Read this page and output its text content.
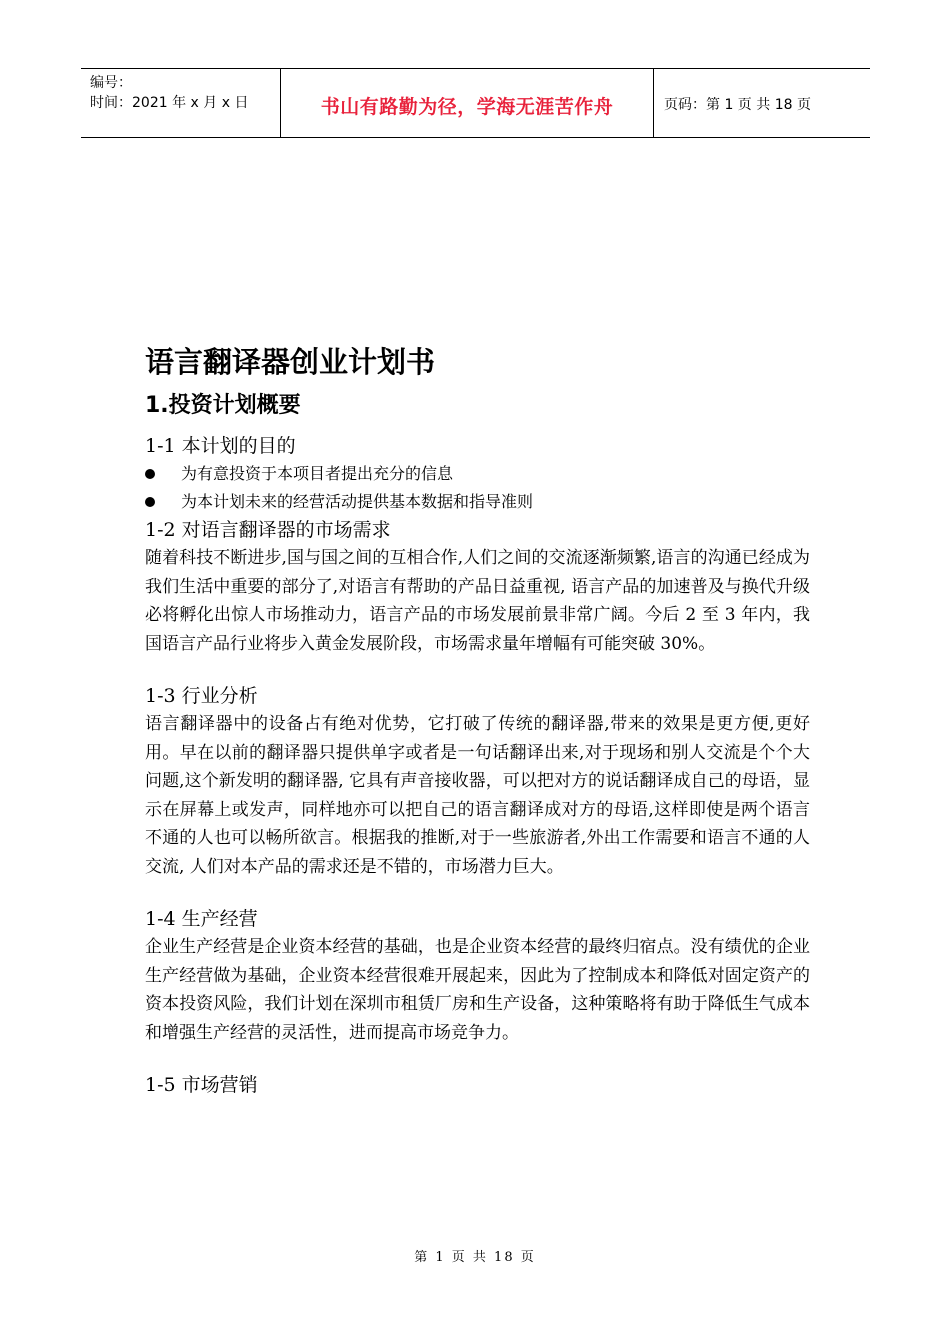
编号：
时间：2021 年 x 月 x 日	书山有路勤为径，学海无涯苦作舟	页码：第 1 页 共 18 页
语言翻译器创业计划书
1.投资计划概要
1-1 本计划的目的
为有意投资于本项目者提出充分的信息
为本计划未来的经营活动提供基本数据和指导准则
1-2 对语言翻译器的市场需求

随着科技不断进步,国与国之间的互相合作,人们之间的交流逐渐频繁,语言的沟通已经成为我们生活中重要的部分了,对语言有帮助的产品日益重视, 语言产品的加速普及与换代升级必将孵化出惊人市场推动力，语言产品的市场发展前景非常广阔。今后 2 至 3 年内，我国语言产品行业将步入黄金发展阶段，市场需求量年增幅有可能突破 30%。

1-3 行业分析

语言翻译器中的设备占有绝对优势，它打破了传统的翻译器,带来的效果是更方便,更好用。早在以前的翻译器只提供单字或者是一句话翻译出来,对于现场和别人交流是个个大问题,这个新发明的翻译器, 它具有声音接收器，可以把对方的说话翻译成自己的母语，显示在屏幕上或发声，同样地亦可以把自己的语言翻译成对方的母语,这样即使是两个语言不通的人也可以畅所欲言。根据我的推断,对于一些旅游者,外出工作需要和语言不通的人交流, 人们对本产品的需求还是不错的，市场潜力巨大。

1-4 生产经营

企业生产经营是企业资本经营的基础，也是企业资本经营的最终归宿点。没有绩优的企业生产经营做为基础，企业资本经营很难开展起来，因此为了控制成本和降低对固定资产的资本投资风险，我们计划在深圳市租赁厂房和生产设备，这种策略将有助于降低生气成本和增强生产经营的灵活性，进而提高市场竞争力。

1-5 市场营销
第 1 页 共 18 页
